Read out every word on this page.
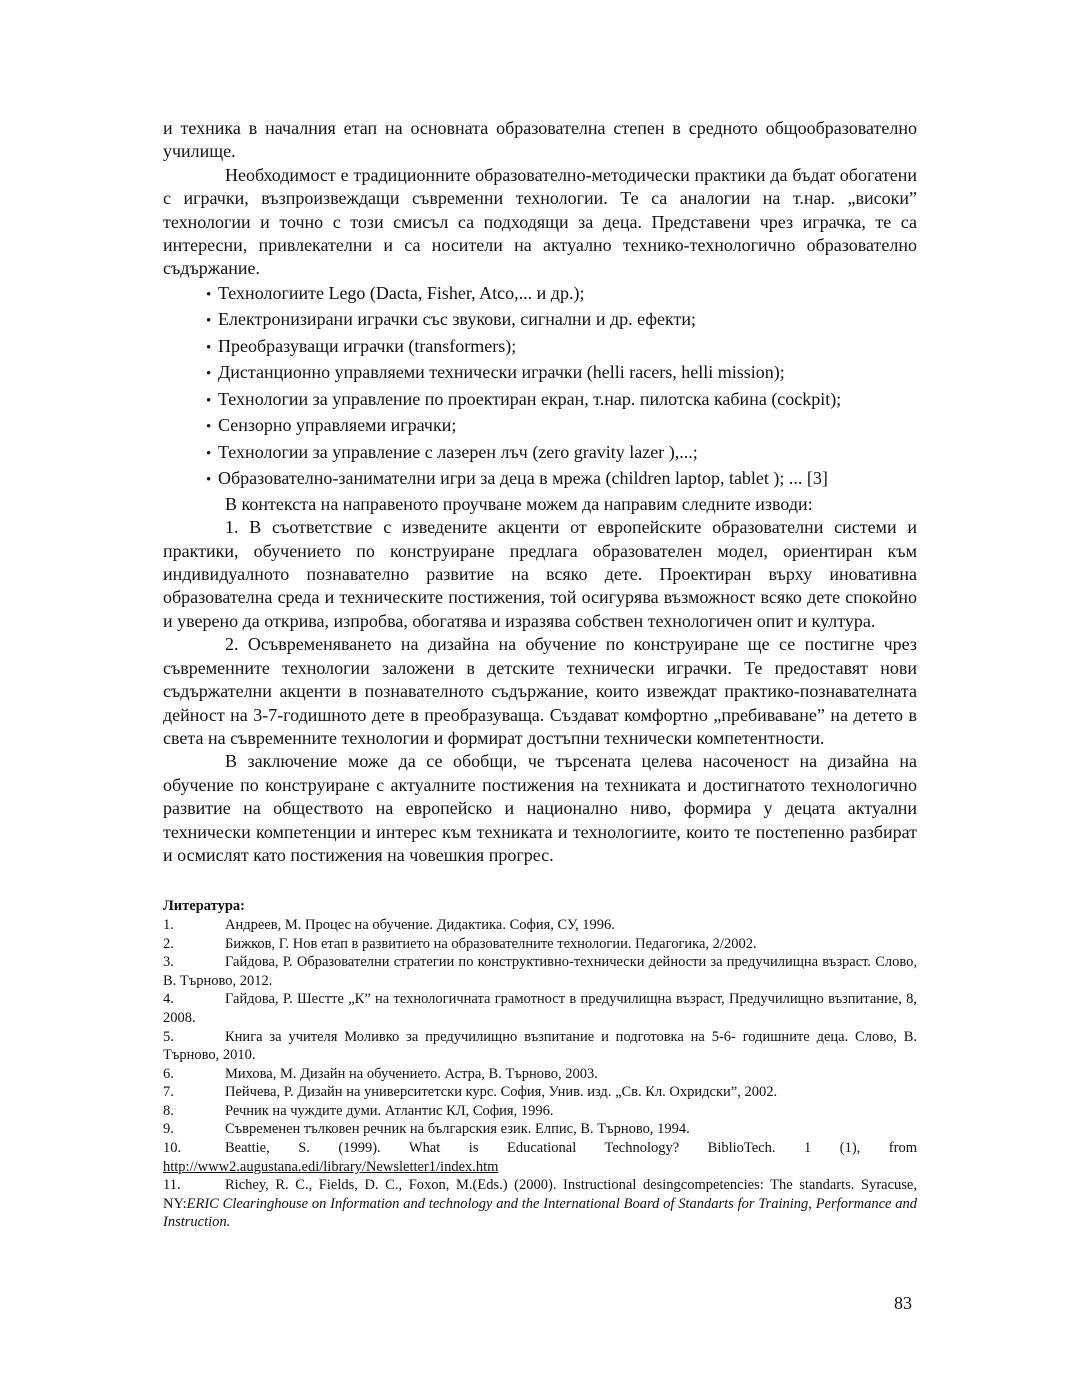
и техника в началния етап на основната образователна степен в средното общообразователно училище.

Необходимост е традиционните образователно-методически практики да бъдат обогатени с играчки, възпроизвеждащи съвременни технологии. Те са аналогии на т.нар. „високи” технологии и точно с този смисъл са подходящи за деца. Представени чрез играчка, те са интересни, привлекателни и са носители на актуално технико-технологично образователно съдържание.

• Технологиите Lego (Dacta, Fisher, Atco,... и др.);
• Електронизирани играчки със звукови, сигнални и др. ефекти;
• Преобразуващи играчки (transformers);
• Дистанционно управляеми технически играчки (helli racers, helli mission);
• Технологии за управление по проектиран екран, т.нар. пилотска кабина (cockpit);
• Сензорно управляеми играчки;
• Технологии за управление с лазерен лъч (zero gravity lazer ),...;
• Образователно-занимателни игри за деца в мрежа (children laptop, tablet ); ... [3]

В контекста на направеното проучване можем да направим следните изводи:

1. В съответствие с изведените акценти от европейските образователни системи и практики, обучението по конструиране предлага образователен модел, ориентиран към индивидуалното познавателно развитие на всяко дете. Проектиран върху иновативна образователна среда и техническите постижения, той осигурява възможност всяко дете спокойно и уверено да открива, изпробва, обогатява и изразява собствен технологичен опит и култура.

2. Осъвременяването на дизайна на обучение по конструиране ще се постигне чрез съвременните технологии заложени в детските технически играчки. Те предоставят нови съдържателни акценти в познавателното съдържание, които извеждат практико-познавателната дейност на 3-7-годишното дете в преобразуваща. Създават комфортно „пребиваване” на детето в света на съвременните технологии и формират достъпни технически компетентности.

В заключение може да се обобщи, че търсената целева насоченост на дизайна на обучение по конструиране с актуалните постижения на техниката и достигнатото технологично развитие на обществото на европейско и национално ниво, формира у децата актуални технически компетенции и интерес към техниката и технологиите, които те постепенно разбират и осмислят като постижения на човешкия прогрес.

Литература:

1.	Андреев, М. Процес на обучение. Дидактика. София, СУ, 1996.

2.	Бижков, Г. Нов етап в развитието на образователните технологии. Педагогика, 2/2002.

3.	Гайдова, Р. Образователни стратегии по конструктивно-технически дейности за предучилищна възраст. Слово, В. Търново, 2012.

4.	Гайдова, Р. Шестте „К” на технологичната грамотност в предучилищна възраст, Предучилищно възпитание, 8, 2008.

5.	Книга за учителя Моливко за предучилищно възпитание и подготовка на 5-6- годишните деца. Слово, В. Търново, 2010.

6.	Михова, М. Дизайн на обучението. Астра, В. Търново, 2003.

7.	Пейчева, Р. Дизайн на университетски курс. София, Унив. изд. „Св. Кл. Охридски”, 2002.

8.	Речник на чуждите думи. Атлантис КЛ, София, 1996.

9.	Съвременен тълковен речник на българския език. Елпис, В. Търново, 1994.

10.	Beattie, S. (1999). What is Educational Technology? BiblioTech. 1 (1), from http://www2.augustana.edi/library/Newsletter1/index.htm

11.	Richey, R. C., Fields, D. C., Foxon, M.(Eds.) (2000). Instructional desingcompetencies: The standarts. Syracuse, NY:ERIC Clearinghouse on Information and technology and the International Board of Standarts for Training, Performance and Instruction.

83
